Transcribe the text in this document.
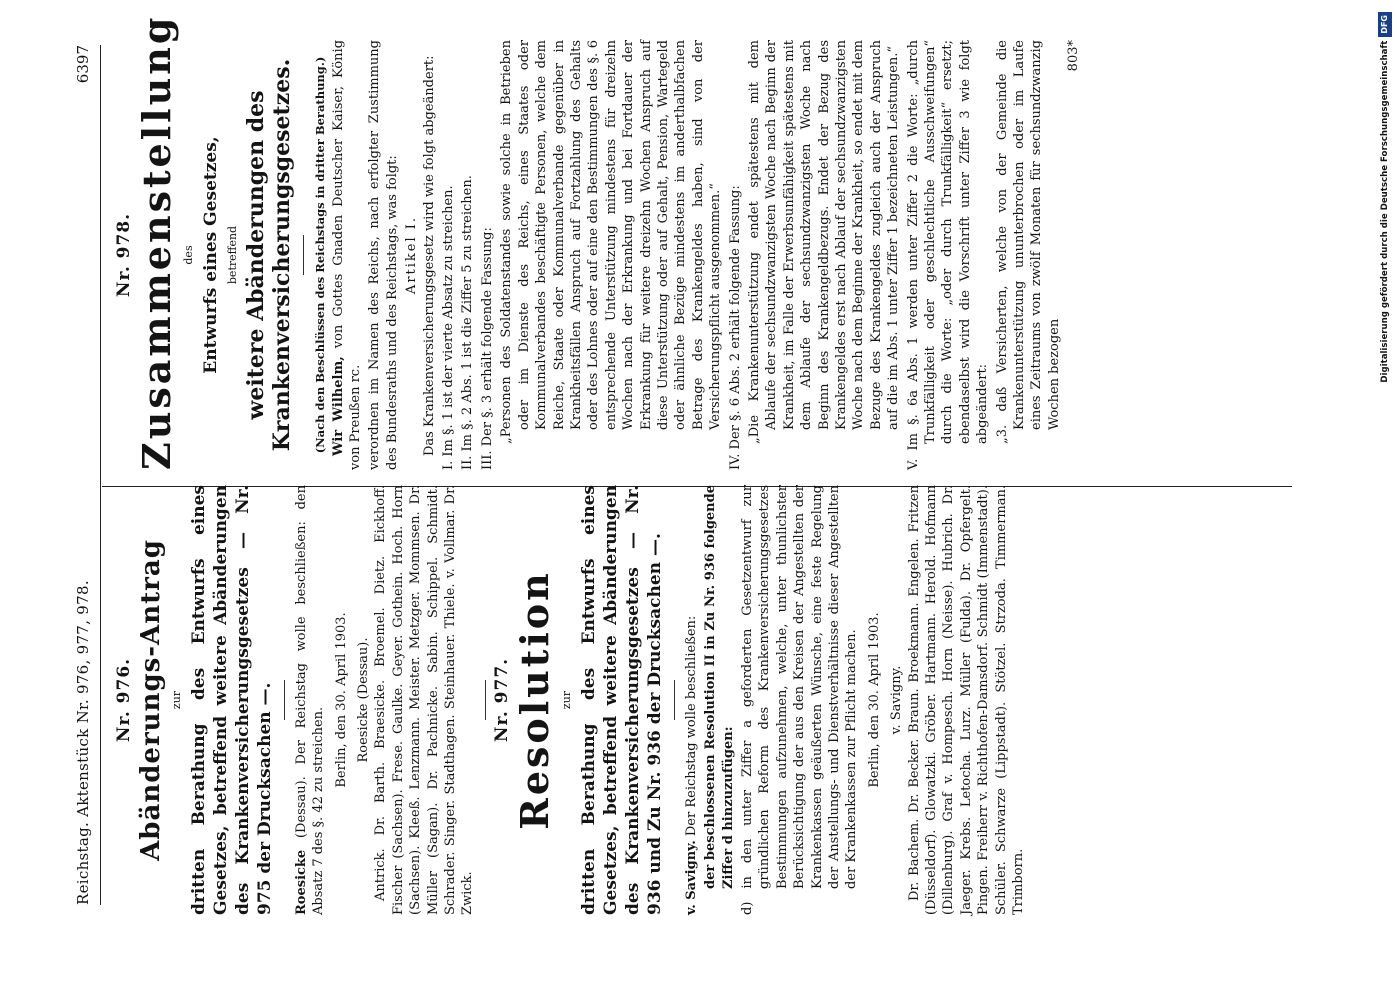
Reichstag. Aktenstück Nr. 976, 977, 978.
6397
Nr. 976. Abänderungs-Antrag zur dritten Berathung des Entwurfs eines Gesetzes, betreffend weitere Abänderungen des Krankenversicherungsgesetzes — Nr. 975 der Drucksachen —. Roesicke (Dessau). Der Reichstag wolle beschließen: den Absatz 7 des §. 42 zu streichen.

Berlin, den 30. April 1903. Roesicke (Dessau). Antrick. Dr. Barth. Braesicke. Broemel. Dietz. Eickhoff. Fischer (Sachsen). Frese. Gaulke. Geyer. Gothein. Hoch. Horn (Sachsen). Kleeß. Lenzmann. Meister. Metzger. Mommsen. Dr. Müller (Sagan). Dr. Pachnicke. Sabin. Schippel. Schmidt. Schrader. Singer. Stadthagen. Steinhauer. Thiele. v. Vollmar. Dr. Zwick.

Nr. 977. Resolution zur dritten Berathung des Entwurfs eines Gesetzes, betreffend weitere Abänderungen des Krankenversicherungsgesetzes — Nr. 936 und Zu Nr. 936 der Drucksachen —. v. Savigny. Der Reichstag wolle beschließen: der beschlossenen Resolution II in Zu Nr. 936 folgende Ziffer d hinzuzufügen: d) in den unter Ziffer a geforderten Gesetzentwurf zur gründlichen Reform des Krankenversicherungsgesetzes Bestimmungen aufzunehmen, welche, unter thunlichster Berücksichtigung der aus den Kreisen der Angestellten der Krankenkassen geäußerten Wünsche, eine feste Regelung der Anstellungs- und Dienstverhältnisse dieser Angestellten der Krankenkassen zur Pflicht machen. Berlin, den 30. April 1903. v. Savigny. Dr. Bachem. Dr. Becker. Braun. Broekmann. Engelen. Fritzen (Düsseldorf). Glowatzki. Gröber. Hartmann. Herold. Hofmann (Dillenburg). Graf v. Hompesch. Horn (Neisse). Hubrich. Dr. Jaeger. Krebs. Letocha. Lurz. Müller (Fulda). Dr. Opfergelt. Pingen. Freiherr v. Richthofen-Damsdorf. Schmidt (Immenstadt). Schüler. Schwarze (Lippstadt). Stötzel. Strzoda. Timmerman. Trimborn.

Nr. 978. Zusammenstellung des Entwurfs eines Gesetzes, betreffend weitere Abänderungen des Krankenversicherungsgesetzes. (Nach den Beschlüssen des Reichstags in dritter Berathung.) Wir Wilhelm, von Gottes Gnaden Deutscher Kaiser, König von Preußen rc. verordnen im Namen des Reichs, nach erfolgter Zustimmung des Bundesraths und des Reichstags, was folgt: Artikel I. Das Krankenversicherungsgesetz wird wie folgt abgeändert: I. Im §. 1 ist der vierte Absatz zu streichen. II. Im §. 2 Abs. 1 ist die Ziffer 5 zu streichen. III. Der §. 3 erhält folgende Fassung: „Personen des Soldatenstandes sowie solche in Betrieben oder im Dienste des Reichs, eines Staates oder Kommunalverbandes beschäftigte Personen, welche dem Reiche, Staate oder Kommunalverbande gegenüber in Krankheitsfällen Anspruch auf Fortzahlung des Gehalts oder des Lohnes oder auf eine den Bestimmungen des §. 6 entsprechende Unterstützung mindestens für dreizehn Wochen nach der Erkrankung und bei Fortdauer der Erkrankung für weitere dreizehn Wochen Anspruch auf diese Unterstützung oder auf Gehalt, Pension, Wartegeld oder ähnliche Bezüge mindestens im anderthalbfachen Betrage des Krankengeldes haben, sind von der Versicherungspflicht ausgenommen.“ IV. Der §. 6 Abs. 2 erhält folgende Fassung: „Die Krankenunterstützung endet spätestens mit dem Ablaufe der sechsundzwanzigsten Woche nach Beginn der Krankheit, im Falle der Erwerbsunfähigkeit spätestens mit dem Ablaufe der sechsundzwanzigsten Woche nach Beginn des Krankengeldbezugs. Endet der Bezug des Krankengeldes erst nach Ablauf der sechsundzwanzigsten Woche nach dem Beginne der Krankheit, so endet mit dem Bezuge des Krankengeldes zugleich auch der Anspruch auf die im Abs. 1 unter Ziffer 1 bezeichneten Leistungen.“ V. Im §. 6a Abs. 1 werden unter Ziffer 2 die Worte: „durch Trunkfälligkeit oder geschlechtliche Ausschweifungen“ durch die Worte: „oder durch Trunkfälligkeit“ ersetzt; ebendaselbst wird die Vorschrift unter Ziffer 3 wie folgt abgeändert: „3. daß Versicherten, welche von der Gemeinde die Krankenunterstützung ununterbrochen oder im Laufe eines Zeitraums von zwölf Monaten für sechsundzwanzig Wochen bezogen

803*	Digitalisierung gefördert durch die Deutsche ForschungsgemeinschaftDFG
